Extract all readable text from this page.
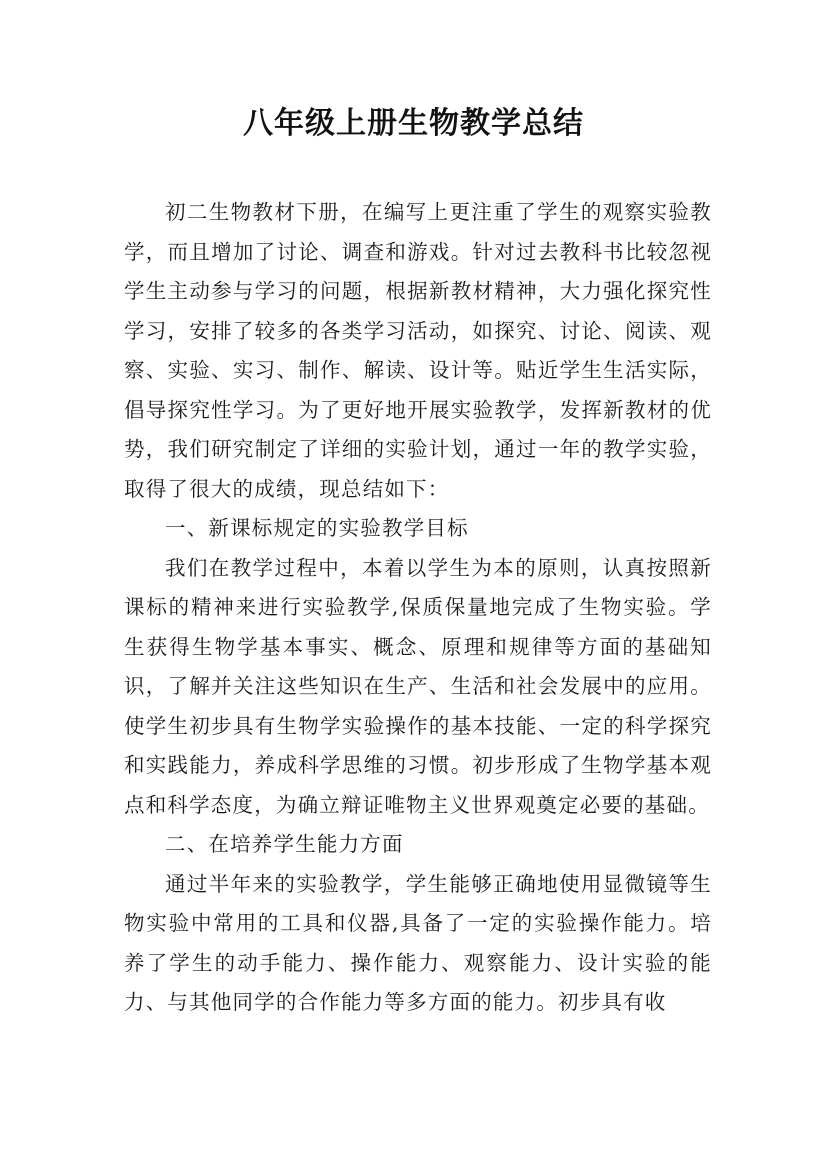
八年级上册生物教学总结

初二生物教材下册，在编写上更注重了学生的观察实验教学，而且增加了讨论、调查和游戏。针对过去教科书比较忽视学生主动参与学习的问题，根据新教材精神，大力强化探究性学习，安排了较多的各类学习活动，如探究、讨论、阅读、观察、实验、实习、制作、解读、设计等。贴近学生生活实际，倡导探究性学习。为了更好地开展实验教学，发挥新教材的优势，我们研究制定了详细的实验计划，通过一年的教学实验，取得了很大的成绩，现总结如下：

一、新课标规定的实验教学目标

我们在教学过程中，本着以学生为本的原则，认真按照新课标的精神来进行实验教学,保质保量地完成了生物实验。学生获得生物学基本事实、概念、原理和规律等方面的基础知识，了解并关注这些知识在生产、生活和社会发展中的应用。使学生初步具有生物学实验操作的基本技能、一定的科学探究和实践能力，养成科学思维的习惯。初步形成了生物学基本观点和科学态度，为确立辩证唯物主义世界观奠定必要的基础。

二、在培养学生能力方面

通过半年来的实验教学，学生能够正确地使用显微镜等生物实验中常用的工具和仪器,具备了一定的实验操作能力。培养了学生的动手能力、操作能力、观察能力、设计实验的能力、与其他同学的合作能力等多方面的能力。初步具有收
